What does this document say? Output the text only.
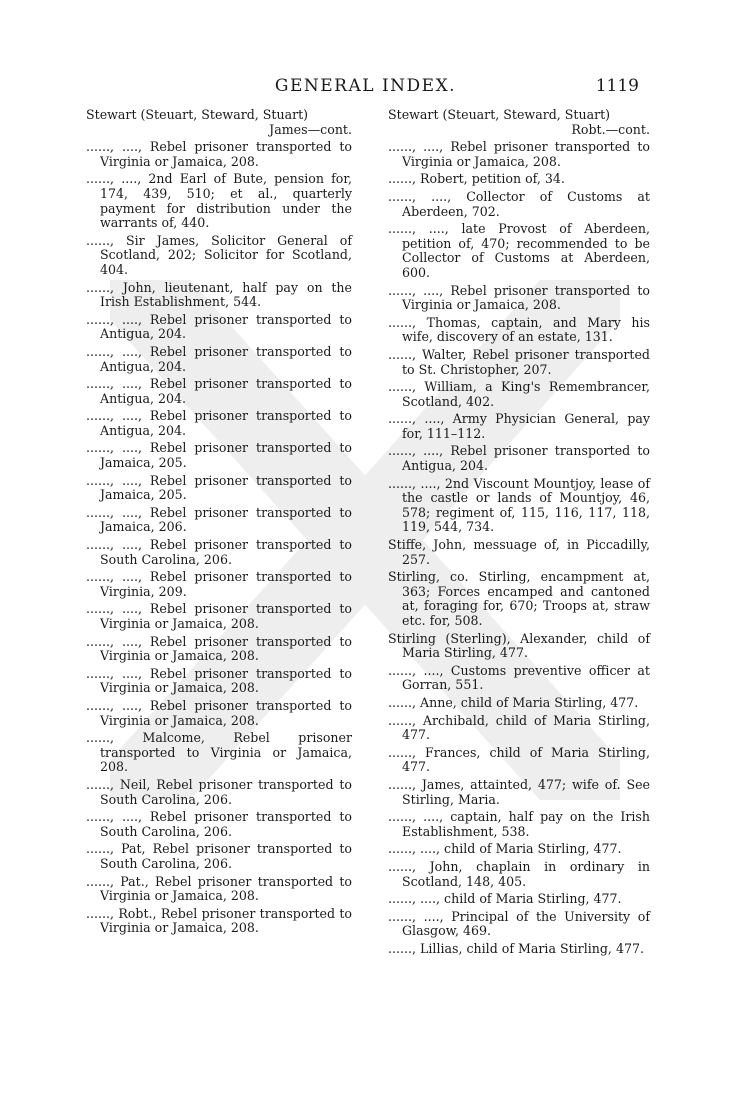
GENERAL INDEX.	1119
Stewart (Steuart, Steward, Stuart)
James—cont.
......, ...., Rebel prisoner transported to Virginia or Jamaica, 208.
......, ...., 2nd Earl of Bute, pension for, 174, 439, 510; et al., quarterly payment for distribution under the warrants of, 440.
......, Sir James, Solicitor General of Scotland, 202; Solicitor for Scotland, 404.
......, John, lieutenant, half pay on the Irish Establishment, 544.
......, ...., Rebel prisoner transported to Antigua, 204.
......, ...., Rebel prisoner transported to Antigua, 204.
......, ...., Rebel prisoner transported to Antigua, 204.
......, ...., Rebel prisoner transported to Antigua, 204.
......, ...., Rebel prisoner transported to Jamaica, 205.
......, ...., Rebel prisoner transported to Jamaica, 205.
......, ...., Rebel prisoner transported to Jamaica, 206.
......, ...., Rebel prisoner transported to South Carolina, 206.
......, ...., Rebel prisoner transported to Virginia, 209.
......, ...., Rebel prisoner transported to Virginia or Jamaica, 208.
......, ...., Rebel prisoner transported to Virginia or Jamaica, 208.
......, ...., Rebel prisoner transported to Virginia or Jamaica, 208.
......, ...., Rebel prisoner transported to Virginia or Jamaica, 208.
......, Malcome, Rebel prisoner transported to Virginia or Jamaica, 208.
......, Neil, Rebel prisoner transported to South Carolina, 206.
......, ...., Rebel prisoner transported to South Carolina, 206.
......, Pat, Rebel prisoner transported to South Carolina, 206.
......, Pat., Rebel prisoner transported to Virginia or Jamaica, 208.
......, Robt., Rebel prisoner transported to Virginia or Jamaica, 208.
Stewart (Steuart, Steward, Stuart)
Robt.—cont.
......, ...., Rebel prisoner transported to Virginia or Jamaica, 208.
......, Robert, petition of, 34.
......, ...., Collector of Customs at Aberdeen, 702.
......, ...., late Provost of Aberdeen, petition of, 470; recommended to be Collector of Customs at Aberdeen, 600.
......, ...., Rebel prisoner transported to Virginia or Jamaica, 208.
......, Thomas, captain, and Mary his wife, discovery of an estate, 131.
......, Walter, Rebel prisoner transported to St. Christopher, 207.
......, William, a King's Remembrancer, Scotland, 402.
......, ...., Army Physician General, pay for, 111–112.
......, ...., Rebel prisoner transported to Antigua, 204.
......, ...., 2nd Viscount Mountjoy, lease of the castle or lands of Mountjoy, 46, 578; regiment of, 115, 116, 117, 118, 119, 544, 734.
Stiffe, John, messuage of, in Piccadilly, 257.
Stirling, co. Stirling, encampment at, 363; Forces encamped and cantoned at, foraging for, 670; Troops at, straw etc. for, 508.
Stirling (Sterling), Alexander, child of Maria Stirling, 477.
......, ...., Customs preventive officer at Gorran, 551.
......, Anne, child of Maria Stirling, 477.
......, Archibald, child of Maria Stirling, 477.
......, Frances, child of Maria Stirling, 477.
......, James, attainted, 477; wife of. See Stirling, Maria.
......, ...., captain, half pay on the Irish Establishment, 538.
......, ...., child of Maria Stirling, 477.
......, John, chaplain in ordinary in Scotland, 148, 405.
......, ...., child of Maria Stirling, 477.
......, ...., Principal of the University of Glasgow, 469.
......, Lillias, child of Maria Stirling, 477.
